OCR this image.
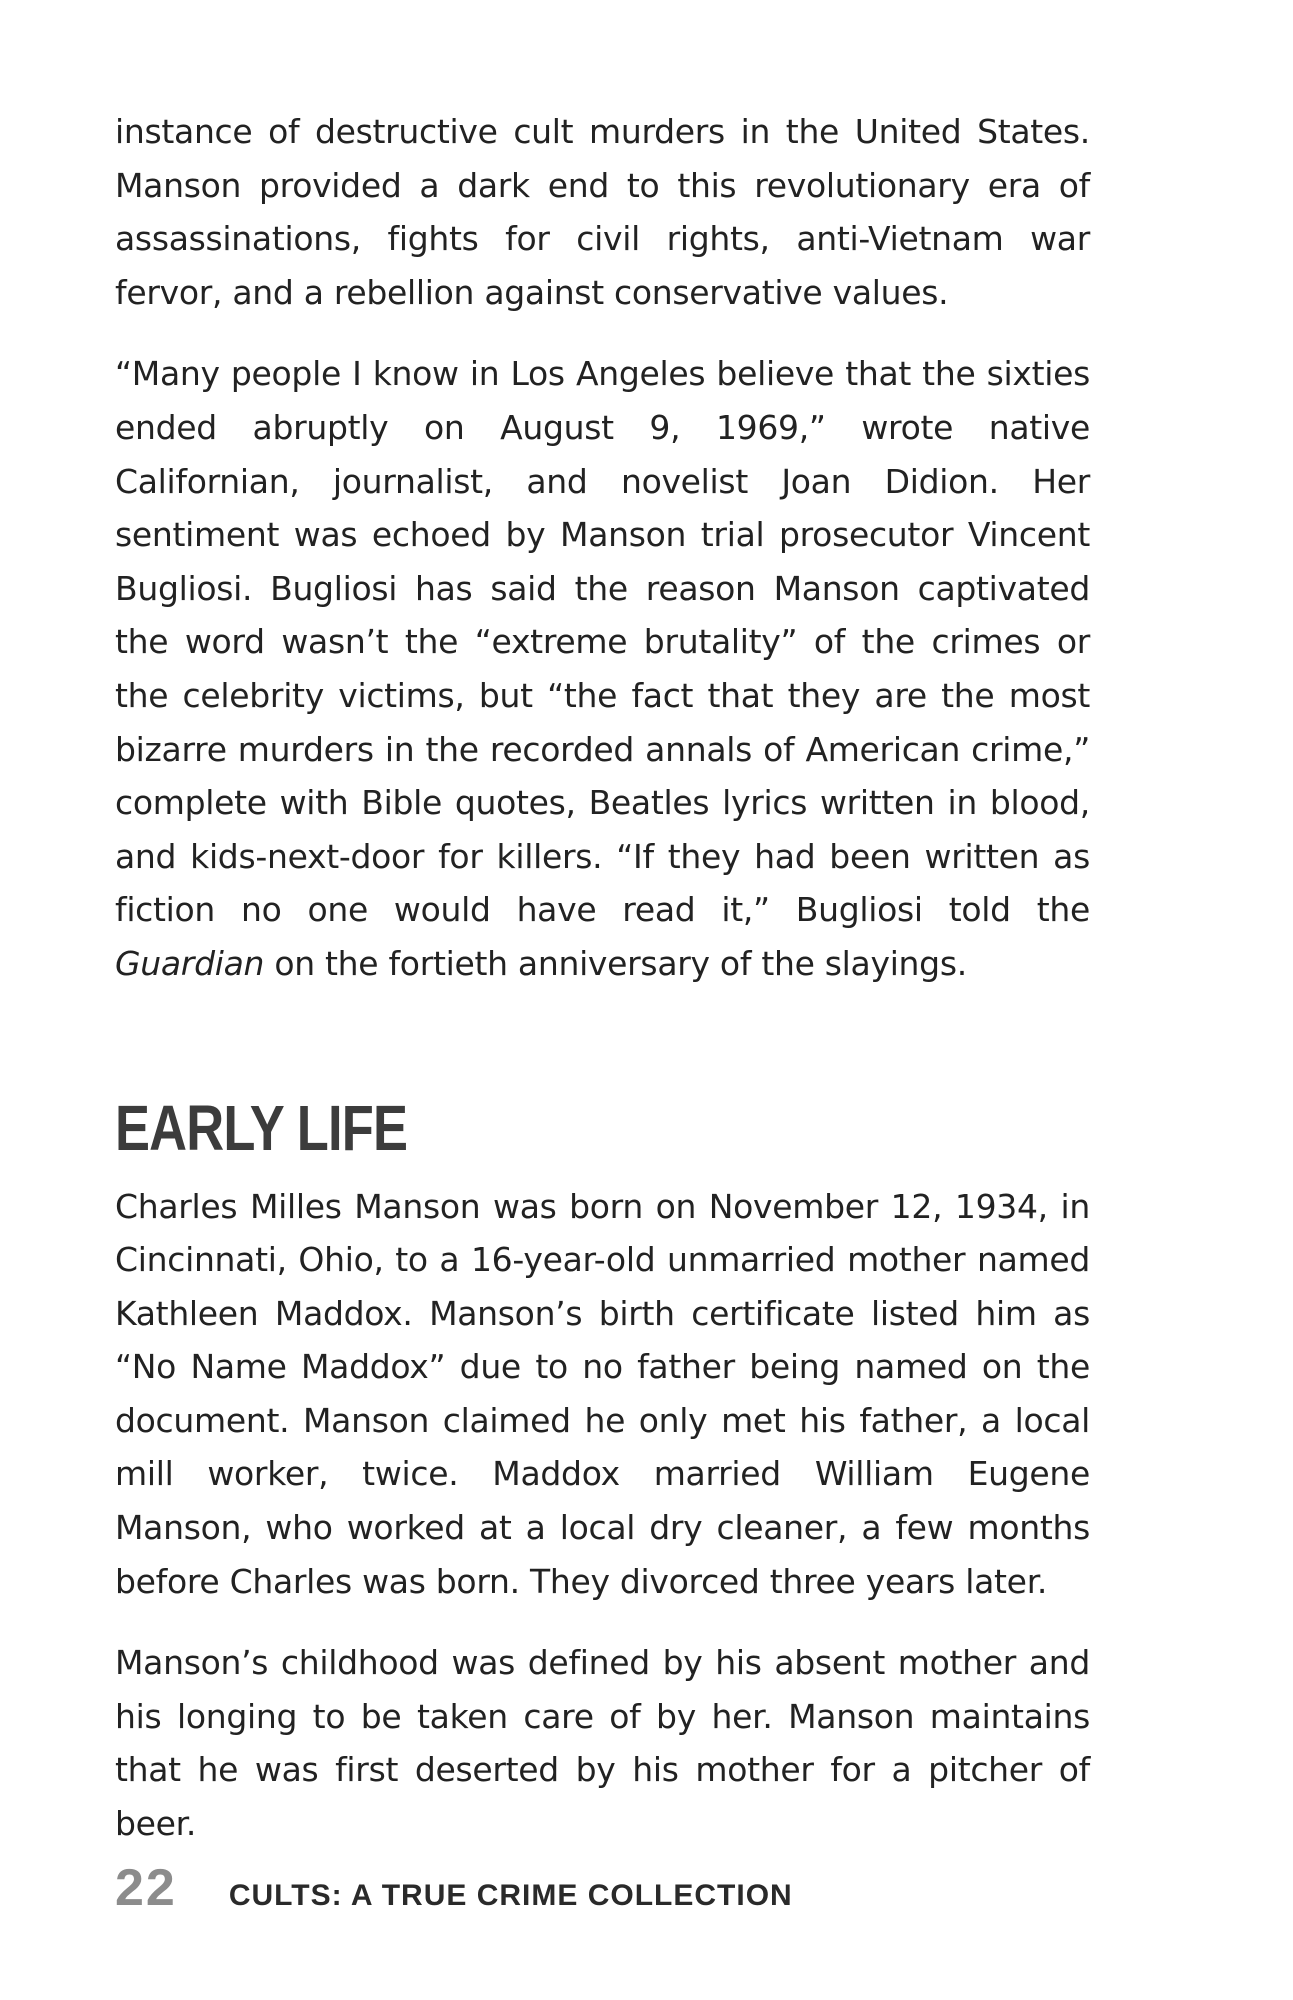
instance of destructive cult murders in the United States. Manson provided a dark end to this revolutionary era of assassinations, fights for civil rights, anti-Vietnam war fervor, and a rebellion against conservative values.

“Many people I know in Los Angeles believe that the sixties ended abruptly on August 9, 1969,” wrote native Californian, journalist, and novelist Joan Didion. Her sentiment was echoed by Manson trial prosecutor Vincent Bugliosi. Bugliosi has said the reason Manson captivated the word wasn’t the “extreme brutality” of the crimes or the celebrity victims, but “the fact that they are the most bizarre murders in the recorded annals of American crime,” complete with Bible quotes, Beatles lyrics written in blood, and kids-next-door for killers. “If they had been written as fiction no one would have read it,” Bugliosi told the Guardian on the fortieth anniversary of the slayings.

EARLY LIFE

Charles Milles Manson was born on November 12, 1934, in Cincinnati, Ohio, to a 16-year-old unmarried mother named Kathleen Maddox. Manson’s birth certificate listed him as “No Name Maddox” due to no father being named on the document. Manson claimed he only met his father, a local mill worker, twice. Maddox married William Eugene Manson, who worked at a local dry cleaner, a few months before Charles was born. They divorced three years later.

Manson’s childhood was defined by his absent mother and his longing to be taken care of by her. Manson maintains that he was first deserted by his mother for a pitcher of beer.

22 CULTS: A TRUE CRIME COLLECTION
